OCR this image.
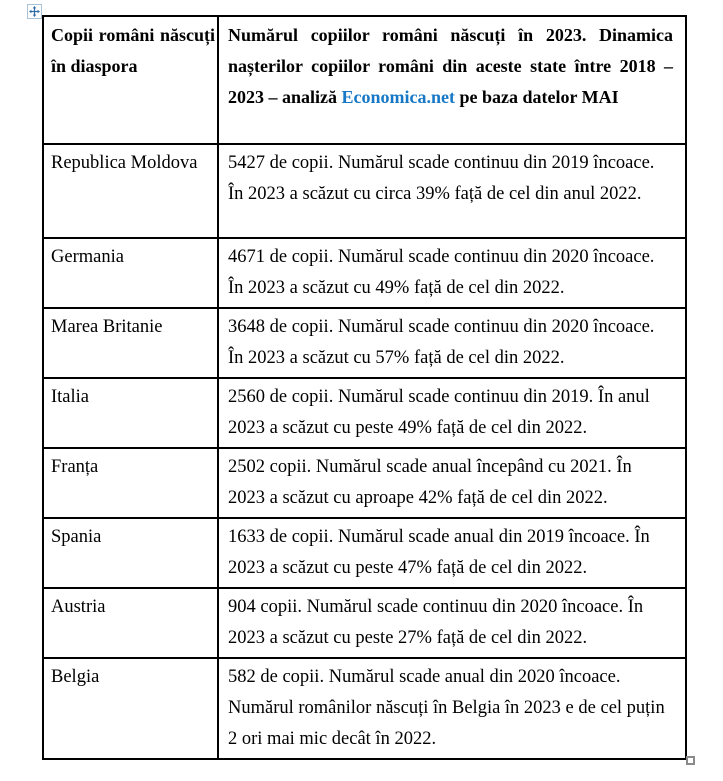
Copii români născuți în diaspora	Numărul copiilor români născuți în 2023. Dinamica nașterilor copiilor români din aceste state între 2018 – 2023 – analiză Economica.net pe baza datelor MAI
Republica Moldova	5427 de copii. Numărul scade continuu din 2019 încoace. În 2023 a scăzut cu circa 39% față de cel din anul 2022.
Germania	4671 de copii. Numărul scade continuu din 2020 încoace. În 2023 a scăzut cu 49% față de cel din 2022.
Marea Britanie	3648 de copii. Numărul scade continuu din 2020 încoace. În 2023 a scăzut cu 57% față de cel din 2022.
Italia	2560 de copii. Numărul scade continuu din 2019. În anul 2023 a scăzut cu peste 49% față de cel din 2022.
Franța	2502 copii. Numărul scade anual începând cu 2021. În 2023 a scăzut cu aproape 42% față de cel din 2022.
Spania	1633 de copii. Numărul scade anual din 2019 încoace. În 2023 a scăzut cu peste 47% față de cel din 2022.
Austria	904 copii. Numărul scade continuu din 2020 încoace. În 2023 a scăzut cu peste 27% față de cel din 2022.
Belgia	582 de copii. Numărul scade anual din 2020 încoace. Numărul românilor născuți în Belgia în 2023 e de cel puțin 2 ori mai mic decât în 2022.
